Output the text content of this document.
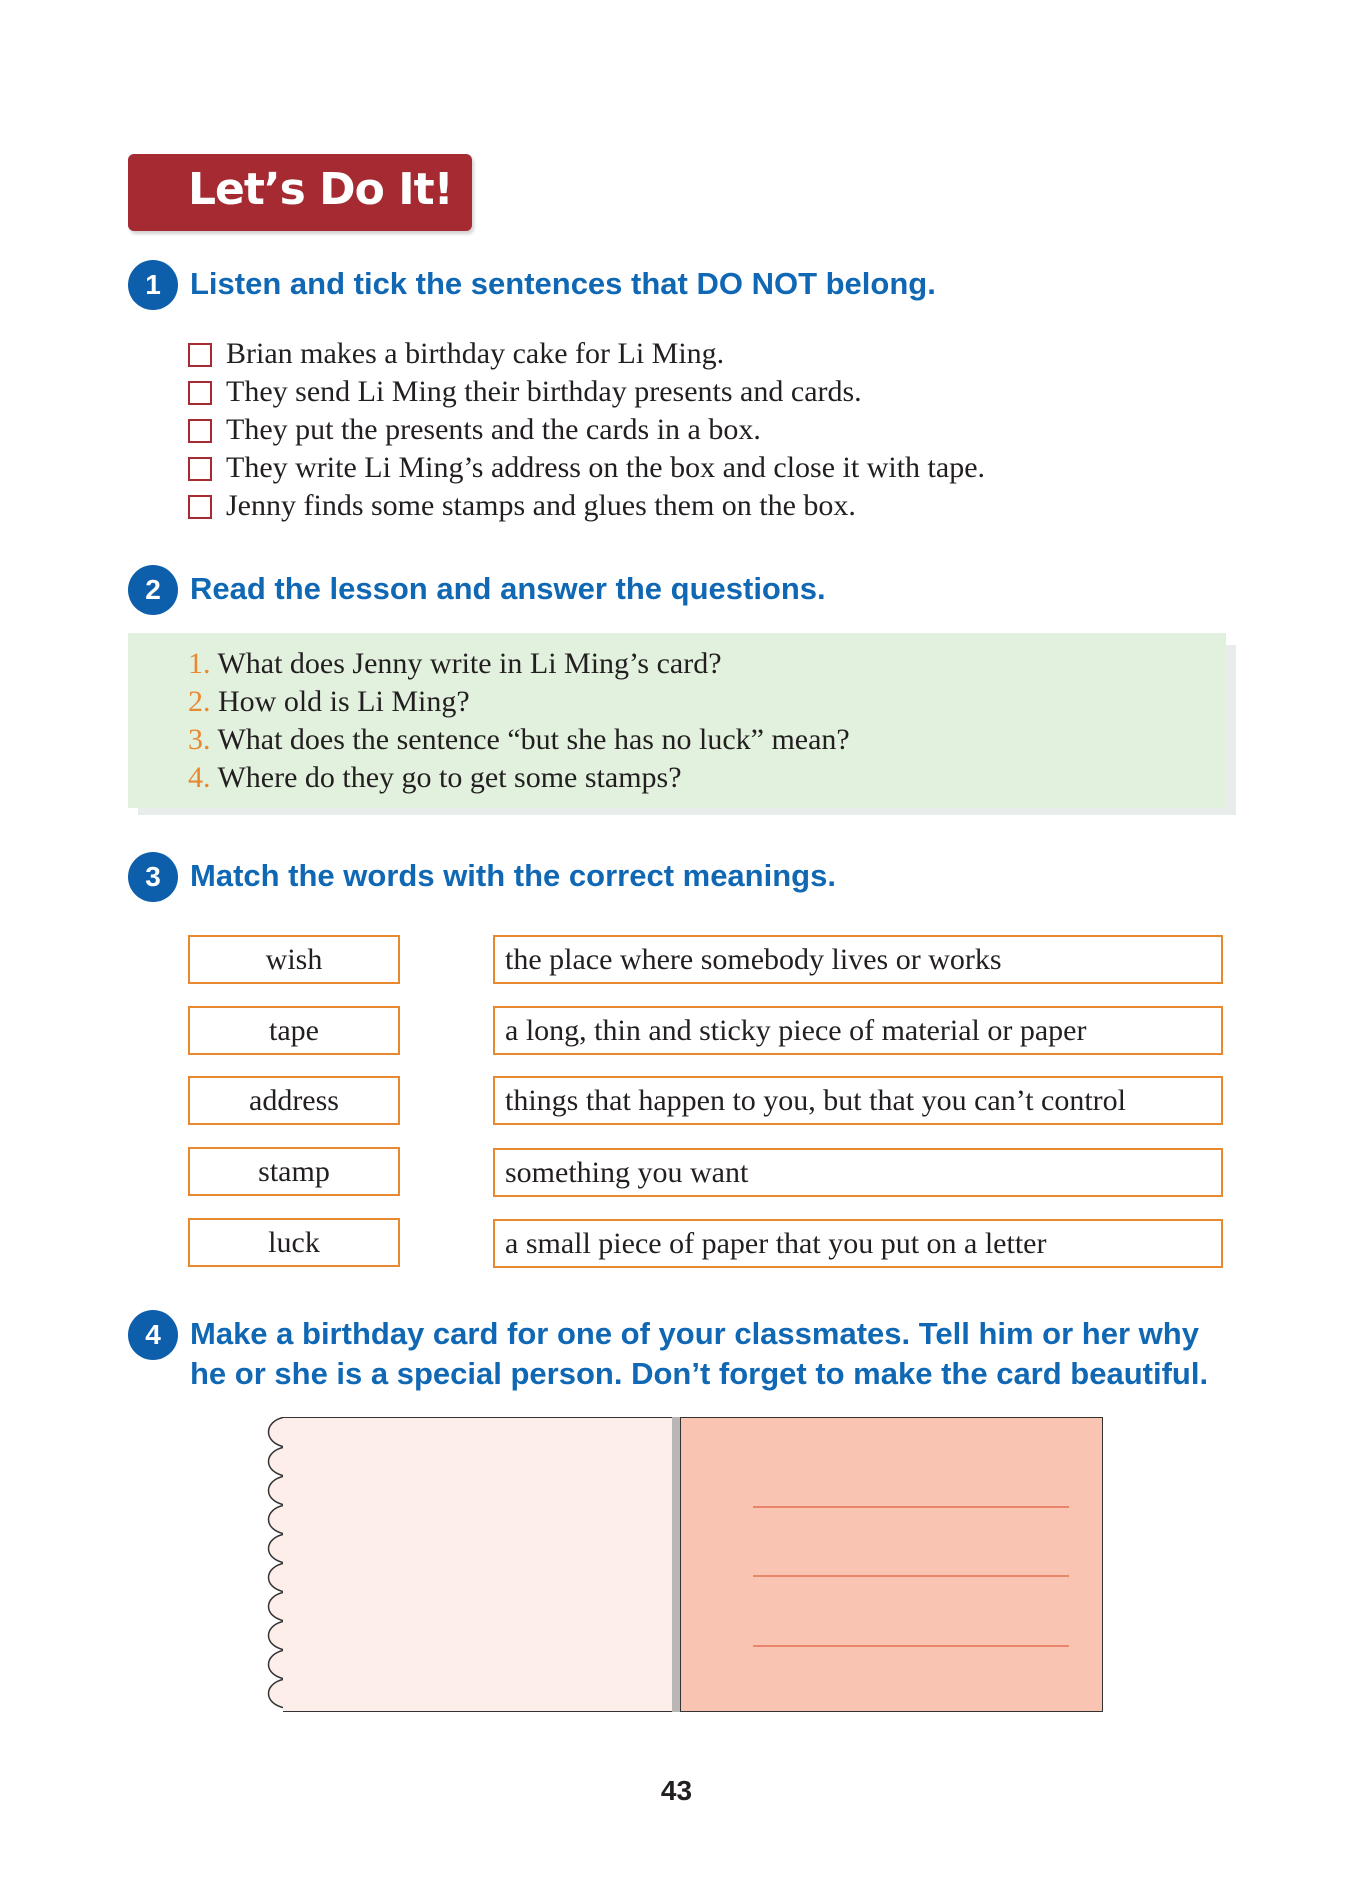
Let’s Do It!
1 Listen and tick the sentences that DO NOT belong.
Brian makes a birthday cake for Li Ming.
They send Li Ming their birthday presents and cards.
They put the presents and the cards in a box.
They write Li Ming’s address on the box and close it with tape.
Jenny finds some stamps and glues them on the box.
2 Read the lesson and answer the questions.
1. What does Jenny write in Li Ming’s card?
2. How old is Li Ming?
3. What does the sentence “but she has no luck” mean?
4. Where do they go to get some stamps?
3 Match the words with the correct meanings.
wish
tape
address
stamp
luck
the place where somebody lives or works
a long, thin and sticky piece of material or paper
things that happen to you, but that you can’t control
something you want
a small piece of paper that you put on a letter
4 Make a birthday card for one of your classmates. Tell him or her why
he or she is a special person. Don’t forget to make the card beautiful.
43
